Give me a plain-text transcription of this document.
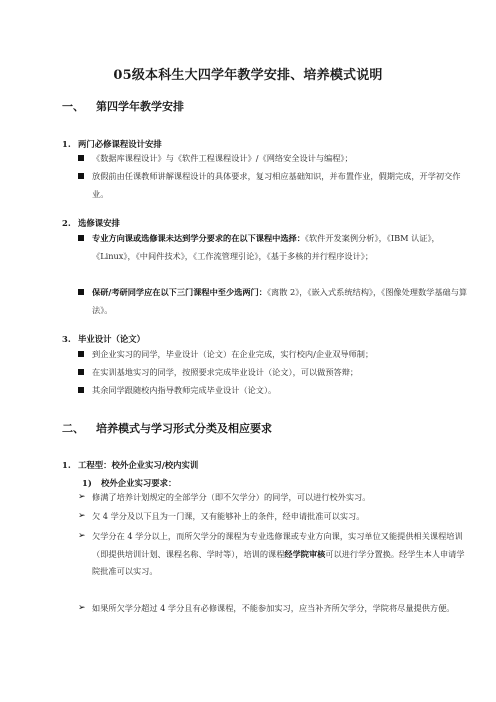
05级本科生大四学年教学安排、培养模式说明
一、 第四学年教学安排
1. 两门必修课程设计安排
《数据库课程设计》与《软件工程课程设计》/《网络安全设计与编程》；
放假前由任课教师讲解课程设计的具体要求，复习相应基础知识，并布置作业，假期完成，开学初交作业。
2. 选修课安排
专业方向课或选修课未达到学分要求的在以下课程中选择：《软件开发案例分析》，《IBM 认证》，《Linux》，《中间件技术》，《工作流管理引论》，《基于多核的并行程序设计》；
保研/考研同学应在以下三门课程中至少选两门：《离散 2》，《嵌入式系统结构》，《图像处理数学基础与算法》。
3. 毕业设计（论文）
到企业实习的同学，毕业设计（论文）在企业完成，实行校内/企业双导师制；
在实训基地实习的同学，按照要求完成毕业设计（论文），可以做预答辩；
其余同学跟随校内指导教师完成毕业设计（论文）。
二、 培养模式与学习形式分类及相应要求
1. 工程型：校外企业实习/校内实训
1) 校外企业实习要求：
➢ 修满了培养计划规定的全部学分（即不欠学分）的同学，可以进行校外实习。
➢ 欠 4 学分及以下且为一门课，又有能够补上的条件，经申请批准可以实习。
➢ 欠学分在 4 学分以上，而所欠学分的课程为专业选修课或专业方向课，实习单位又能提供相关课程培训（即提供培训计划、课程名称、学时等），培训的课程经学院审核可以进行学分置换。经学生本人申请学院批准可以实习。
➢ 如果所欠学分超过 4 学分且有必修课程，不能参加实习，应当补齐所欠学分，学院将尽量提供方便。
